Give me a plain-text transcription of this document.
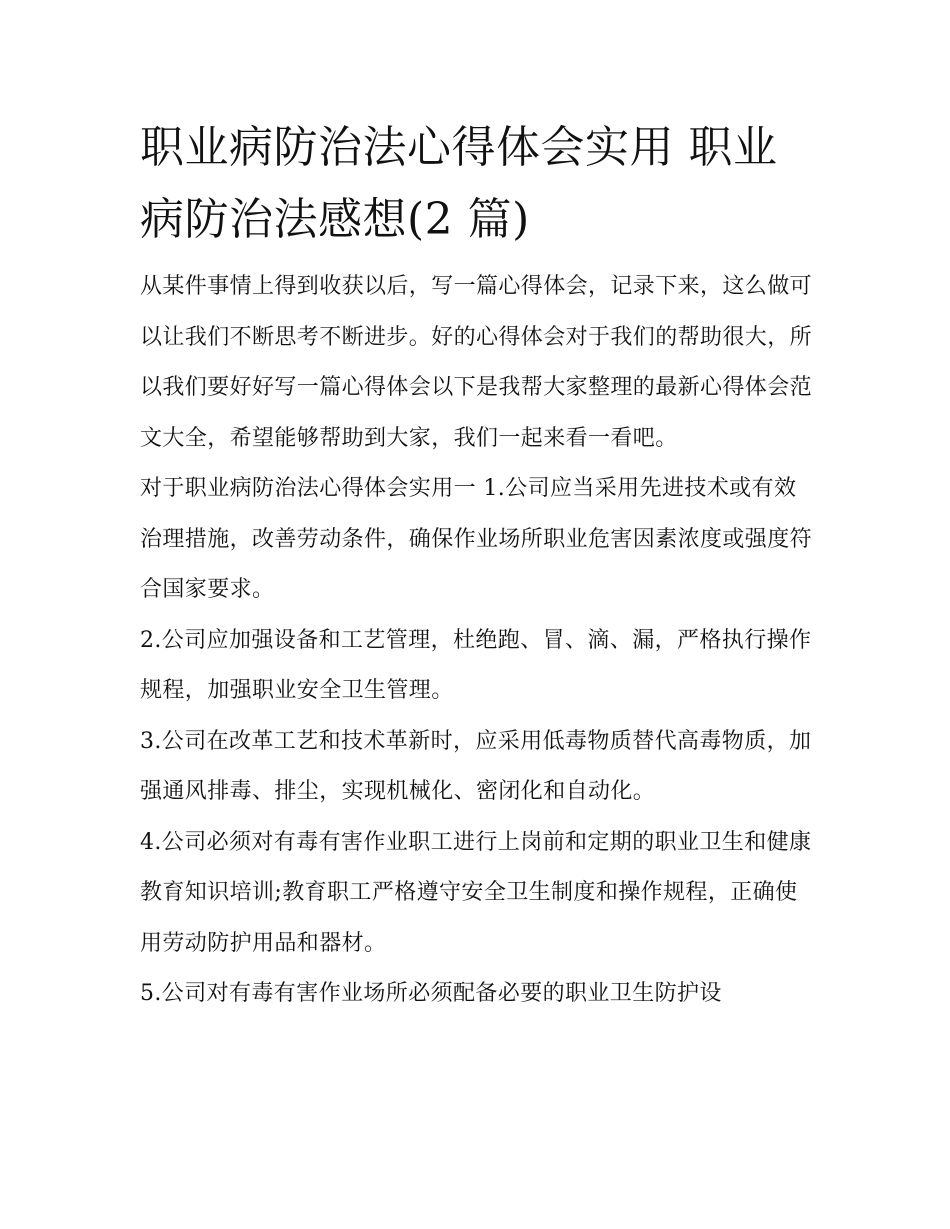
职业病防治法心得体会实用 职业病防治法感想(2 篇)

从某件事情上得到收获以后，写一篇心得体会，记录下来，这么做可以让我们不断思考不断进步。好的心得体会对于我们的帮助很大，所以我们要好好写一篇心得体会以下是我帮大家整理的最新心得体会范文大全，希望能够帮助到大家，我们一起来看一看吧。

对于职业病防治法心得体会实用一 1.公司应当采用先进技术或有效治理措施，改善劳动条件，确保作业场所职业危害因素浓度或强度符合国家要求。

2.公司应加强设备和工艺管理，杜绝跑、冒、滴、漏，严格执行操作规程，加强职业安全卫生管理。

3.公司在改革工艺和技术革新时，应采用低毒物质替代高毒物质，加强通风排毒、排尘，实现机械化、密闭化和自动化。

4.公司必须对有毒有害作业职工进行上岗前和定期的职业卫生和健康教育知识培训;教育职工严格遵守安全卫生制度和操作规程，正确使用劳动防护用品和器材。

5.公司对有毒有害作业场所必须配备必要的职业卫生防护设
